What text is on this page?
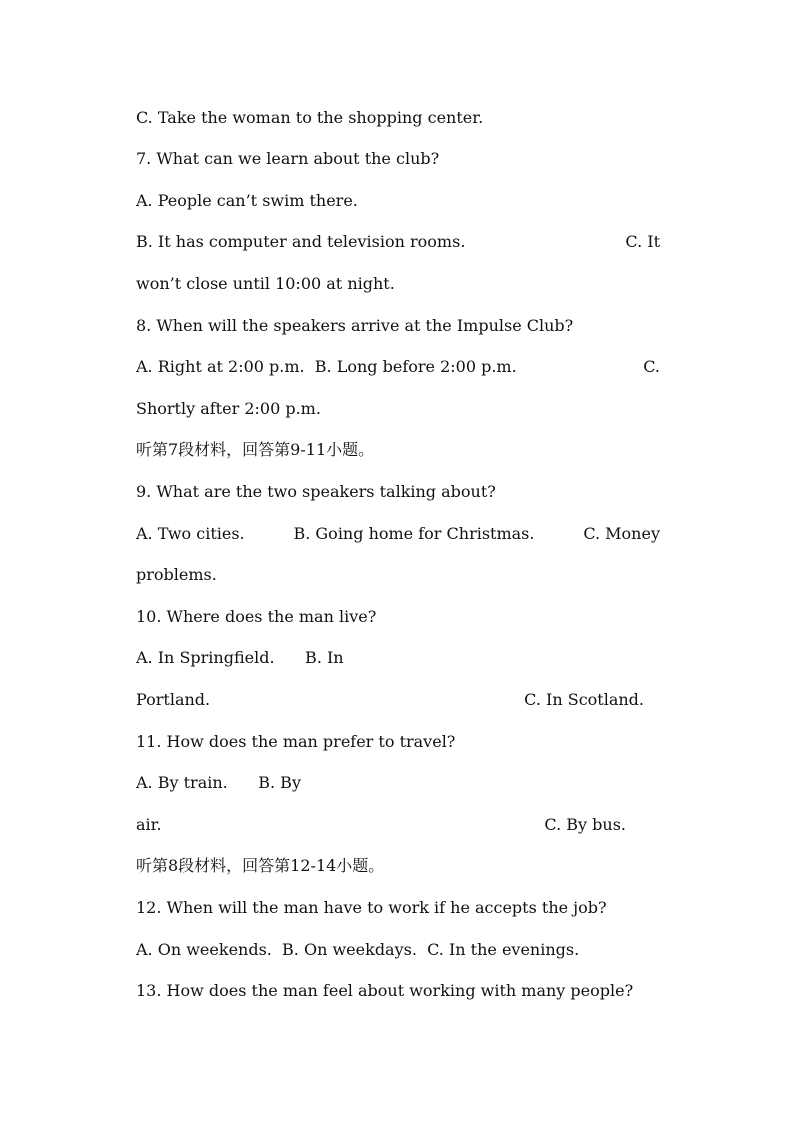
C. Take the woman to the shopping center.
7. What can we learn about the club?
A. People can’t swim there.
B. It has computer and television rooms.	C. It
won’t close until 10:00 at night.
8. When will the speakers arrive at the Impulse Club?
A. Right at 2:00 p.m.  B. Long before 2:00 p.m.	C.
Shortly after 2:00 p.m.
听第7段材料，回答第9-11小题。
9. What are the two speakers talking about?
A. Two cities.	B. Going home for Christmas.	C. Money
problems.
10. Where does the man live?
A. In Springfield.      B. In
Portland.	C. In Scotland.
11. How does the man prefer to travel?
A. By train.      B. By
air.	C. By bus.
听第8段材料，回答第12-14小题。
12. When will the man have to work if he accepts the job?
A. On weekends.  B. On weekdays.  C. In the evenings.
13. How does the man feel about working with many people?
